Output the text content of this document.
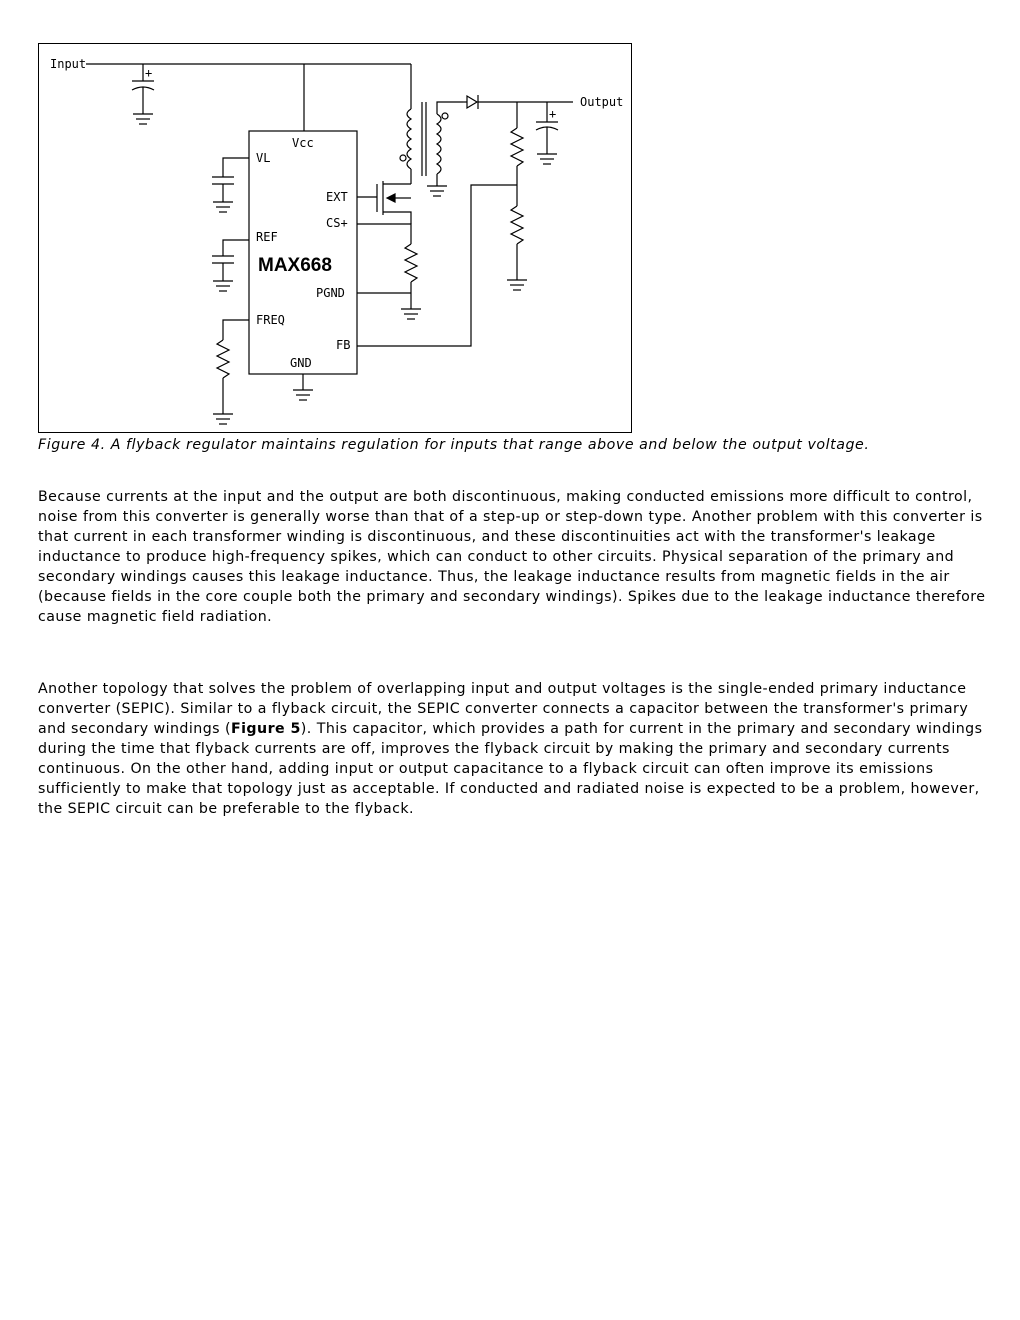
Input
+
MAX668
Vcc
VL
EXT
CS+
REF
PGND
FREQ
FB
GND
Output
+

Figure 4. A flyback regulator maintains regulation for inputs that range above and below the output voltage.

Because currents at the input and the output are both discontinuous, making conducted emissions more difficult to control, noise from this converter is generally worse than that of a step-up or step-down type. Another problem with this converter is that current in each transformer winding is discontinuous, and these discontinuities act with the transformer's leakage inductance to produce high-frequency spikes, which can conduct to other circuits. Physical separation of the primary and secondary windings causes this leakage inductance. Thus, the leakage inductance results from magnetic fields in the air (because fields in the core couple both the primary and secondary windings). Spikes due to the leakage inductance therefore cause magnetic field radiation.

Another topology that solves the problem of overlapping input and output voltages is the single-ended primary inductance converter (SEPIC). Similar to a flyback circuit, the SEPIC converter connects a capacitor between the transformer's primary and secondary windings (Figure 5). This capacitor, which provides a path for current in the primary and secondary windings during the time that flyback currents are off, improves the flyback circuit by making the primary and secondary currents continuous. On the other hand, adding input or output capacitance to a flyback circuit can often improve its emissions sufficiently to make that topology just as acceptable. If conducted and radiated noise is expected to be a problem, however, the SEPIC circuit can be preferable to the flyback.
